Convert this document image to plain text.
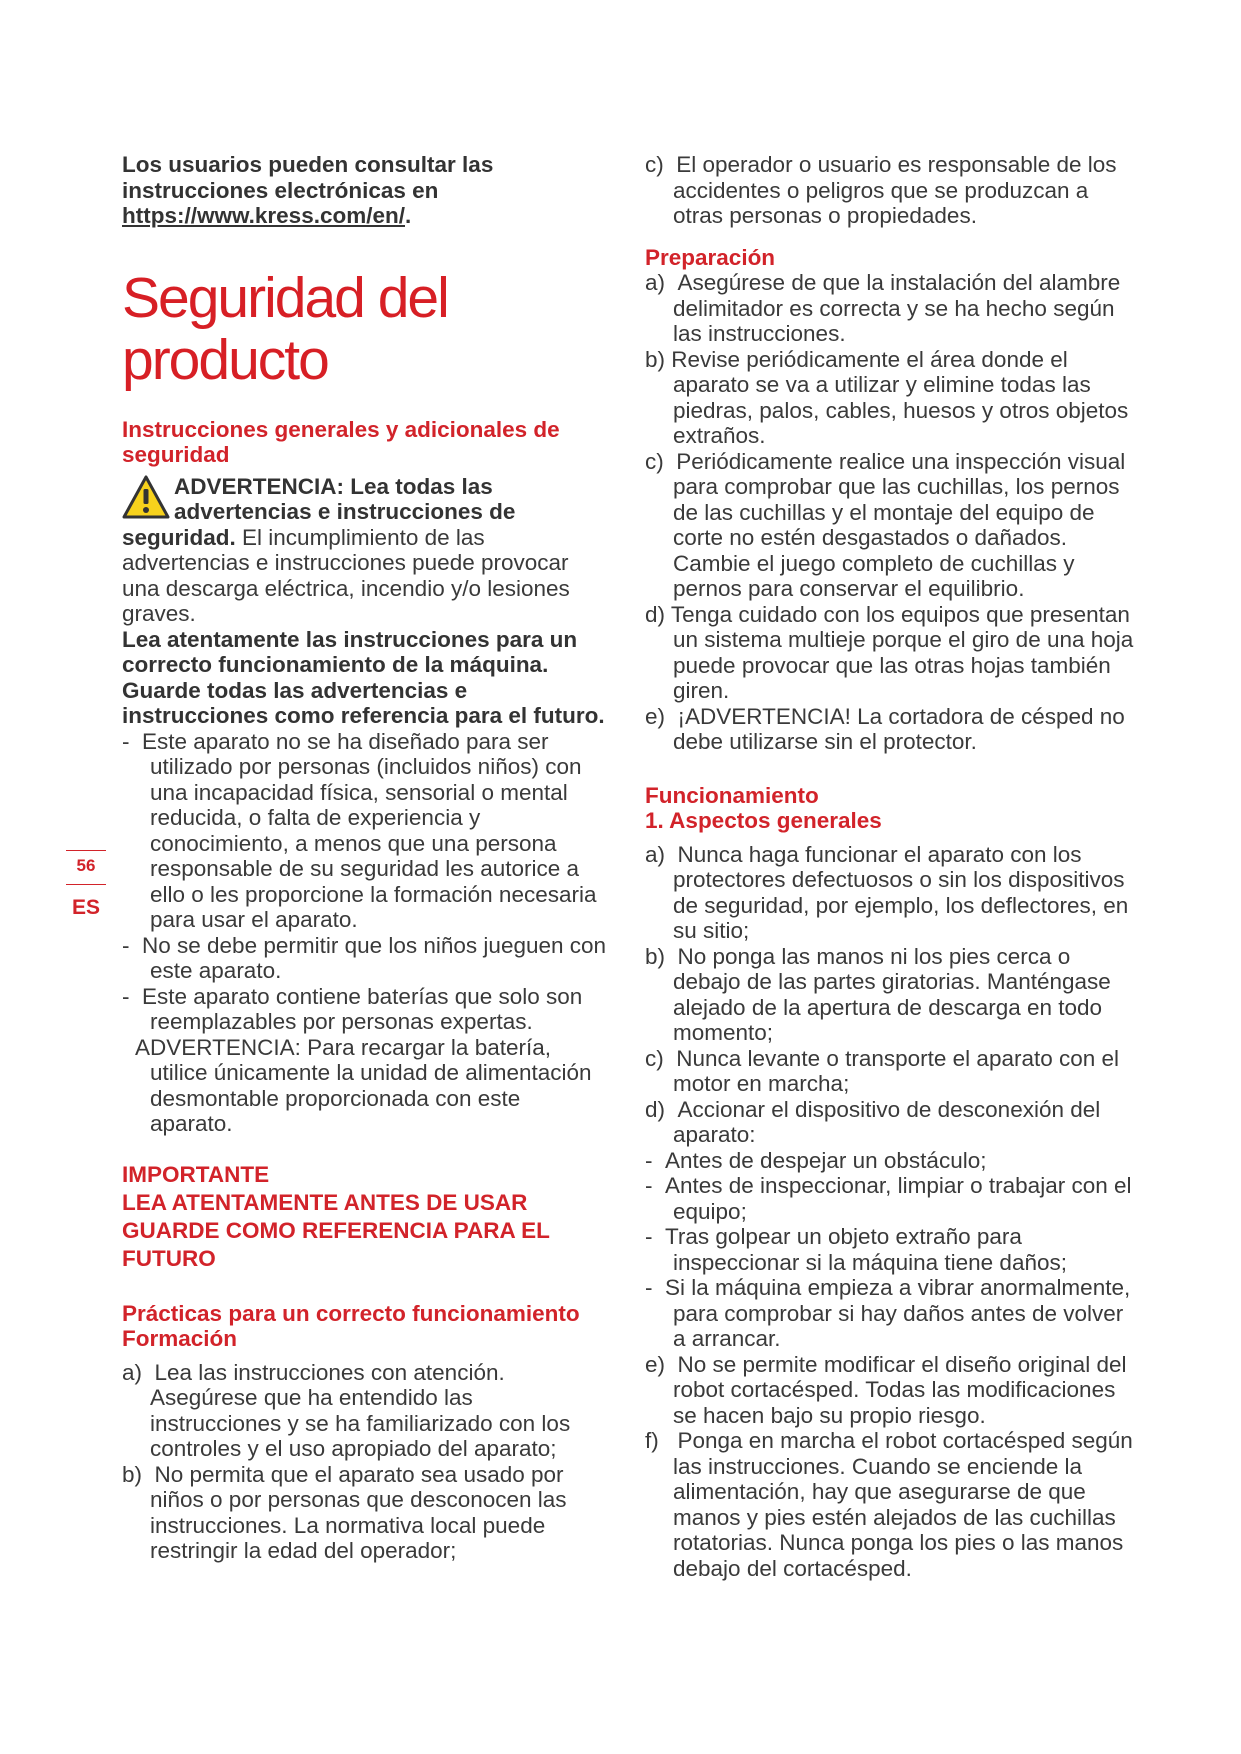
56
ES

Los usuarios pueden consultar las instrucciones electrónicas en https://www.kress.com/en/.

Seguridad del
producto
Instrucciones generales y adicionales de seguridad

ADVERTENCIA: Lea todas las advertencias e instrucciones de seguridad. El incumplimiento de las advertencias e instrucciones puede provocar una descarga eléctrica, incendio y/o lesiones graves.

Lea atentamente las instrucciones para un correcto funcionamiento de la máquina. Guarde todas las advertencias e instrucciones como referencia para el futuro.

-  Este aparato no se ha diseñado para ser utilizado por personas (incluidos niños) con una incapacidad física, sensorial o mental reducida, o falta de experiencia y conocimiento, a menos que una persona responsable de su seguridad les autorice a ello o les proporcione la formación necesaria para usar el aparato.
-  No se debe permitir que los niños jueguen con este aparato.
-  Este aparato contiene baterías que solo son reemplazables por personas expertas.
ADVERTENCIA: Para recargar la batería, utilice únicamente la unidad de alimentación desmontable proporcionada con este aparato.
IMPORTANTE
LEA ATENTAMENTE ANTES DE USAR
GUARDE COMO REFERENCIA PARA EL FUTURO
Prácticas para un correcto funcionamiento
Formación
a)  Lea las instrucciones con atención. Asegúrese que ha entendido las instrucciones y se ha familiarizado con los controles y el uso apropiado del aparato;
b)  No permita que el aparato sea usado por niños o por personas que desconocen las instrucciones. La normativa local puede restringir la edad del operador;
c)  El operador o usuario es responsable de los accidentes o peligros que se produzcan a otras personas o propiedades.
Preparación
a)  Asegúrese de que la instalación del alambre delimitador es correcta y se ha hecho según las instrucciones.
b) Revise periódicamente el área donde el aparato se va a utilizar y elimine todas las piedras, palos, cables, huesos y otros objetos extraños.
c)  Periódicamente realice una inspección visual para comprobar que las cuchillas, los pernos de las cuchillas y el montaje del equipo de corte no estén desgastados o dañados. Cambie el juego completo de cuchillas y pernos para conservar el equilibrio.
d) Tenga cuidado con los equipos que presentan un sistema multieje porque el giro de una hoja puede provocar que las otras hojas también giren.
e)  ¡ADVERTENCIA! La cortadora de césped no debe utilizarse sin el protector.
Funcionamiento
1. Aspectos generales
a)  Nunca haga funcionar el aparato con los protectores defectuosos o sin los dispositivos de seguridad, por ejemplo, los deflectores, en su sitio;
b)  No ponga las manos ni los pies cerca o debajo de las partes giratorias. Manténgase alejado de la apertura de descarga en todo momento;
c)  Nunca levante o transporte el aparato con el motor en marcha;
d)  Accionar el dispositivo de desconexión del aparato:
-  Antes de despejar un obstáculo;
-  Antes de inspeccionar, limpiar o trabajar con el equipo;
-  Tras golpear un objeto extraño para inspeccionar si la máquina tiene daños;
-  Si la máquina empieza a vibrar anormalmente, para comprobar si hay daños antes de volver a arrancar.
e)  No se permite modificar el diseño original del robot cortacésped. Todas las modificaciones se hacen bajo su propio riesgo.
f)   Ponga en marcha el robot cortacésped según las instrucciones. Cuando se enciende la alimentación, hay que asegurarse de que manos y pies estén alejados de las cuchillas rotatorias. Nunca ponga los pies o las manos debajo del cortacésped.
